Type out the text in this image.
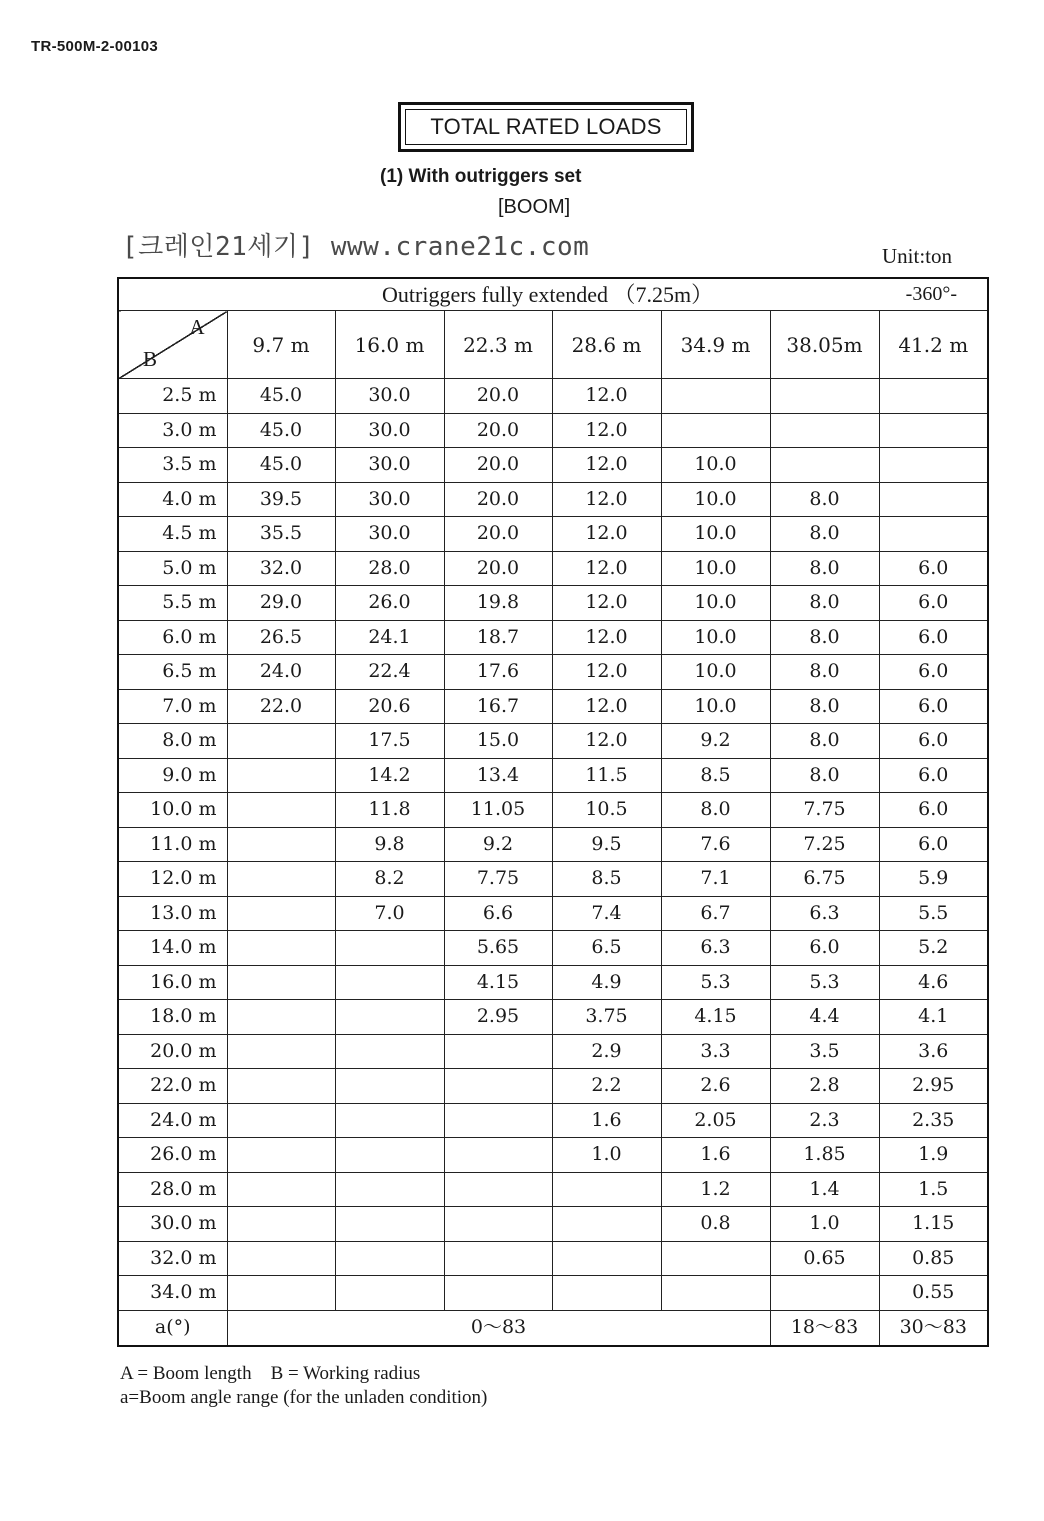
TR-500M-2-00103
TOTAL RATED LOADS
(1) With outriggers set
[BOOM]
[크레인21세기] www.crane21c.com	Unit:ton
Outriggers fully extended （7.25m） -360°-							

A
B	9.7 m	16.0 m	22.3 m	28.6 m	34.9 m	38.05m	41.2 m
2.5 m	45.0	30.0	20.0	12.0			
3.0 m	45.0	30.0	20.0	12.0			
3.5 m	45.0	30.0	20.0	12.0	10.0		
4.0 m	39.5	30.0	20.0	12.0	10.0	8.0	
4.5 m	35.5	30.0	20.0	12.0	10.0	8.0	
5.0 m	32.0	28.0	20.0	12.0	10.0	8.0	6.0
5.5 m	29.0	26.0	19.8	12.0	10.0	8.0	6.0
6.0 m	26.5	24.1	18.7	12.0	10.0	8.0	6.0
6.5 m	24.0	22.4	17.6	12.0	10.0	8.0	6.0
7.0 m	22.0	20.6	16.7	12.0	10.0	8.0	6.0
8.0 m		17.5	15.0	12.0	9.2	8.0	6.0
9.0 m		14.2	13.4	11.5	8.5	8.0	6.0
10.0 m		11.8	11.05	10.5	8.0	7.75	6.0
11.0 m		9.8	9.2	9.5	7.6	7.25	6.0
12.0 m		8.2	7.75	8.5	7.1	6.75	5.9
13.0 m		7.0	6.6	7.4	6.7	6.3	5.5
14.0 m			5.65	6.5	6.3	6.0	5.2
16.0 m			4.15	4.9	5.3	5.3	4.6
18.0 m			2.95	3.75	4.15	4.4	4.1
20.0 m				2.9	3.3	3.5	3.6
22.0 m				2.2	2.6	2.8	2.95
24.0 m				1.6	2.05	2.3	2.35
26.0 m				1.0	1.6	1.85	1.9
28.0 m					1.2	1.4	1.5
30.0 m					0.8	1.0	1.15
32.0 m						0.65	0.85
34.0 m							0.55
a(°)	0～83					18～83	30～83
A = Boom length　B = Working radius
a=Boom angle range (for the unladen condition)
